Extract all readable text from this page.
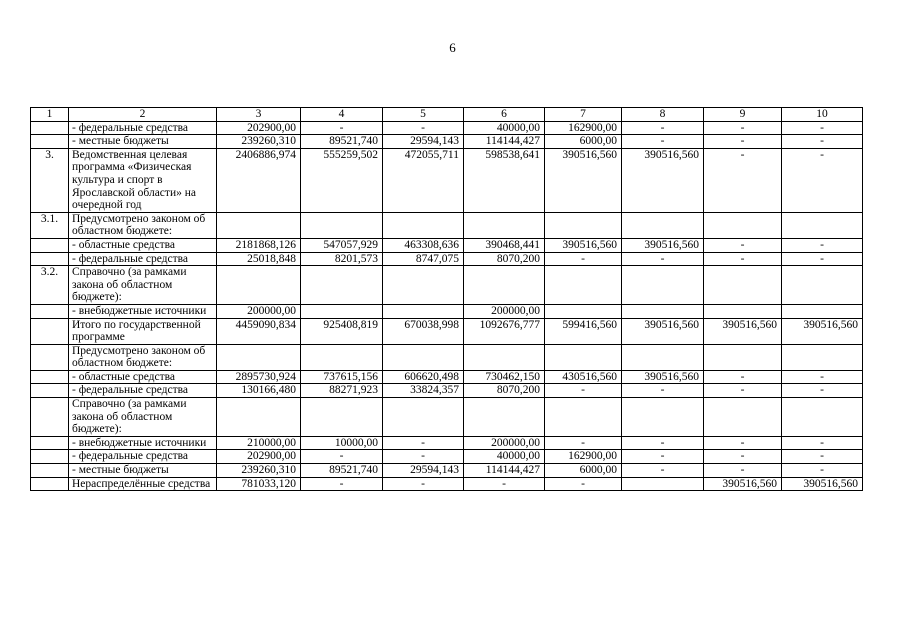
6
1	2	3	4	5	6	7	8	9	10
	- федеральные средства	202900,00	-	-	40000,00	162900,00	-	-	-
	- местные бюджеты	239260,310	89521,740	29594,143	114144,427	6000,00	-	-	-
3.	Ведомственная целевая программа «Физическая культура и спорт в Ярославской области» на очередной год	2406886,974	555259,502	472055,711	598538,641	390516,560	390516,560	-	-
3.1.	Предусмотрено законом об областном бюджете:								
	- областные средства	2181868,126	547057,929	463308,636	390468,441	390516,560	390516,560	-	-
	- федеральные средства	25018,848	8201,573	8747,075	8070,200	-	-	-	-
3.2.	Справочно (за рамками закона об областном бюджете):								
	- внебюджетные источники	200000,00			200000,00				
	Итого по государственной программе	4459090,834	925408,819	670038,998	1092676,777	599416,560	390516,560	390516,560	390516,560
	Предусмотрено законом об областном бюджете:								
	- областные средства	2895730,924	737615,156	606620,498	730462,150	430516,560	390516,560	-	-
	- федеральные средства	130166,480	88271,923	33824,357	8070,200	-	-	-	-
	Справочно (за рамками закона об областном бюджете):								
	- внебюджетные источники	210000,00	10000,00	-	200000,00	-	-	-	-
	- федеральные средства	202900,00	-	-	40000,00	162900,00	-	-	-
	- местные бюджеты	239260,310	89521,740	29594,143	114144,427	6000,00	-	-	-
	Нераспределённые средства	781033,120	-	-	-	-		390516,560	390516,560
